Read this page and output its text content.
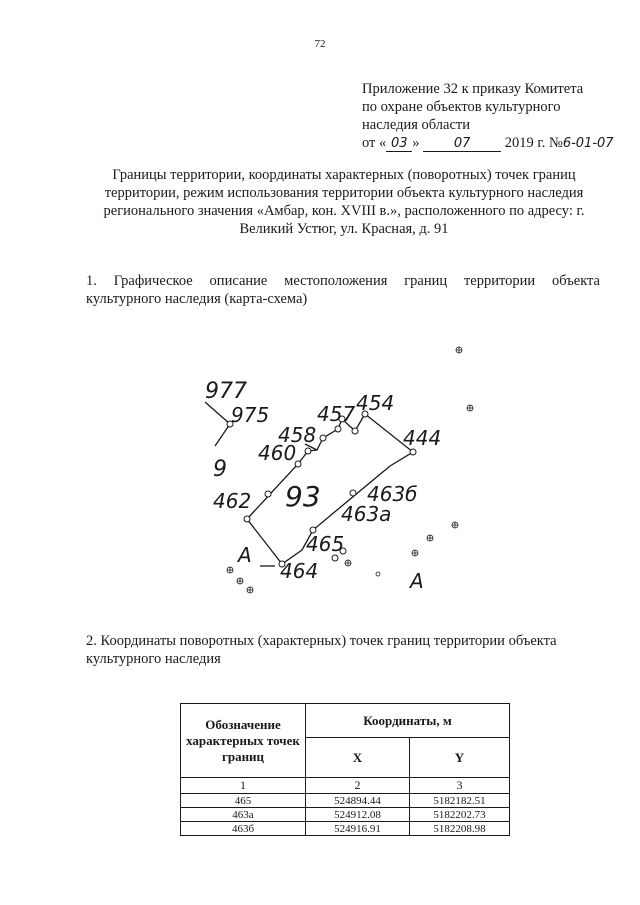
72
Приложение 32 к приказу Комитета
по охране объектов культурного
наследия области
от « 03 »	07 2019 г. №6-01-07
Границы территории, координаты характерных (поворотных) точек границ территории, режим использования территории объекта культурного наследия регионального значения «Амбар, кон. XVIII в.», расположенного по адресу: г. Великий Устюг, ул. Красная, д. 91
1. Графическое описание местоположения границ территории объекта
культурного наследия (карта-схема)
977
975
458
457 454
444
460
9
93 463б
463а
462
465
464
А
А
2. Координаты поворотных (характерных) точек границ территории объекта культурного наследия
Обозначение характерных точек границ	Координаты, м	
	X	Y
1	2	3
465	524894.44	5182182.51
463а	524912.08	5182202.73
463б	524916.91	5182208.98
